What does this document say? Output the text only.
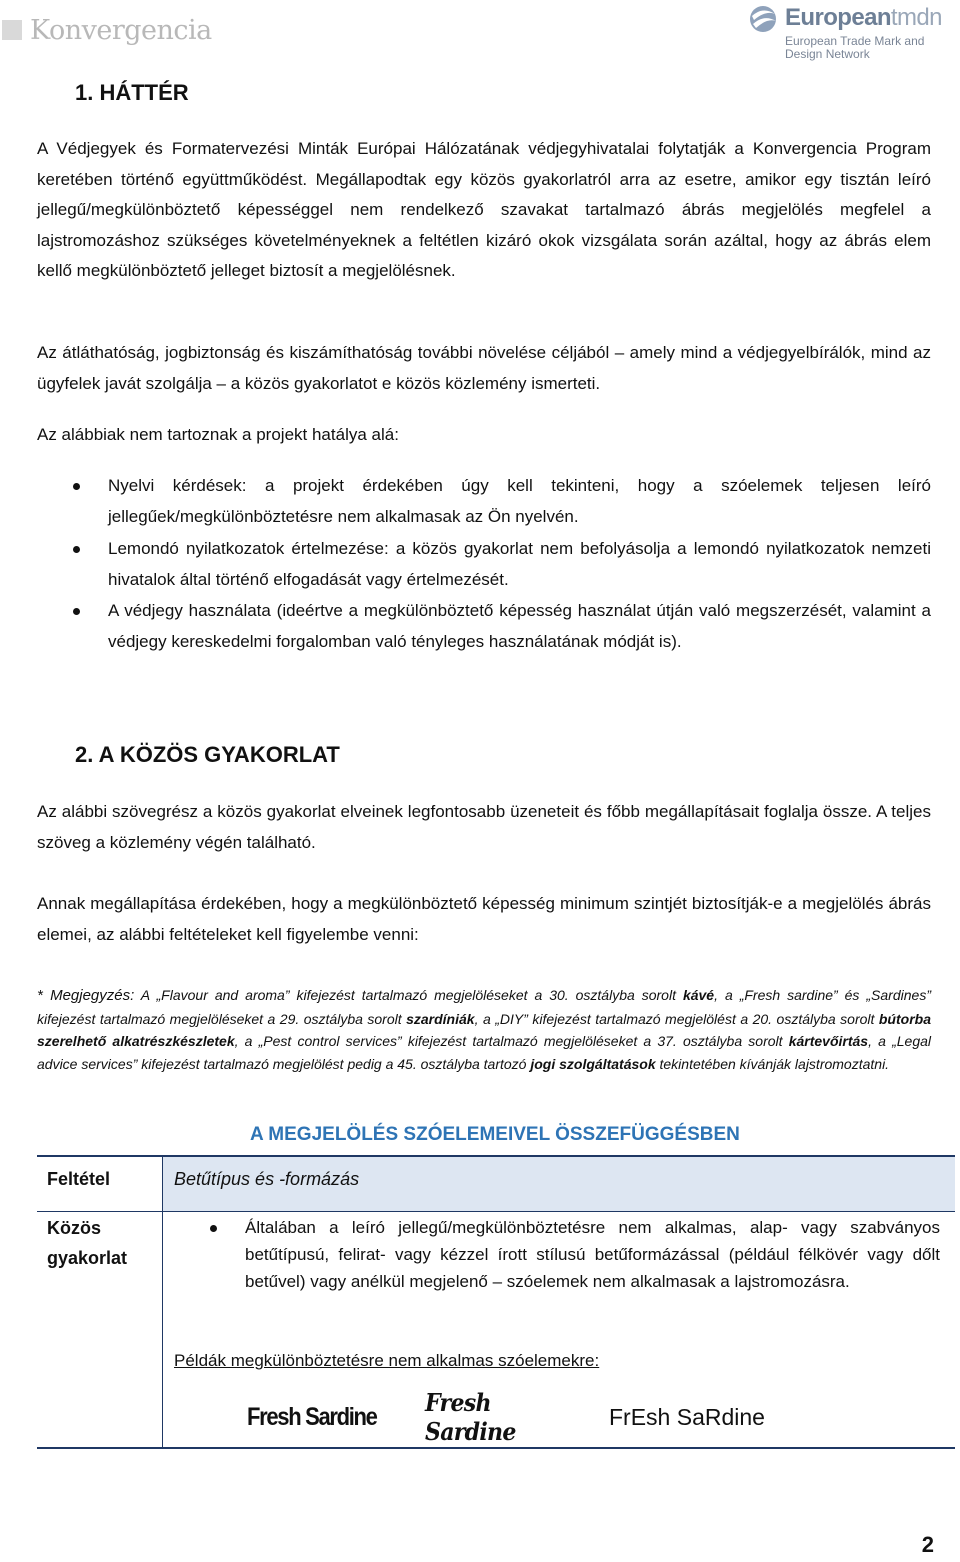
Konvergencia	Europeantmdn
European Trade Mark and
Design Network
1. HÁTTÉR

A Védjegyek és Formatervezési Minták Európai Hálózatának védjegyhivatalai folytatják a Konvergencia Program keretében történő együttműködést. Megállapodtak egy közös gyakorlatról arra az esetre, amikor egy tisztán leíró jellegű/megkülönböztető képességgel nem rendelkező szavakat tartalmazó ábrás megjelölés megfelel a lajstromozáshoz szükséges követelményeknek a feltétlen kizáró okok vizsgálata során azáltal, hogy az ábrás elem kellő megkülönböztető jelleget biztosít a megjelölésnek.

Az átláthatóság, jogbiztonság és kiszámíthatóság további növelése céljából – amely mind a védjegyelbírálók, mind az ügyfelek javát szolgálja – a közös gyakorlatot e közös közlemény ismerteti.

Az alábbiak nem tartoznak a projekt hatálya alá:

Nyelvi kérdések: a projekt érdekében úgy kell tekinteni, hogy a szóelemek teljesen leíró jellegűek/megkülönböztetésre nem alkalmasak az Ön nyelvén.
Lemondó nyilatkozatok értelmezése: a közös gyakorlat nem befolyásolja a lemondó nyilatkozatok nemzeti hivatalok által történő elfogadását vagy értelmezését.
A védjegy használata (ideértve a megkülönböztető képesség használat útján való megszerzését, valamint a védjegy kereskedelmi forgalomban való tényleges használatának módját is).
2. A KÖZÖS GYAKORLAT

Az alábbi szövegrész a közös gyakorlat elveinek legfontosabb üzeneteit és főbb megállapításait foglalja össze. A teljes szöveg a közlemény végén található.

Annak megállapítása érdekében, hogy a megkülönböztető képesség minimum szintjét biztosítják-e a megjelölés ábrás elemei, az alábbi feltételeket kell figyelembe venni:

* Megjegyzés: A „Flavour and aroma” kifejezést tartalmazó megjelöléseket a 30. osztályba sorolt kávé, a „Fresh sardine” és „Sardines” kifejezést tartalmazó megjelöléseket a 29. osztályba sorolt szardíniák, a „DIY” kifejezést tartalmazó megjelölést a 20. osztályba sorolt bútorba szerelhető alkatrészkészletek, a „Pest control services” kifejezést tartalmazó megjelöléseket a 37. osztályba sorolt kártevőirtás, a „Legal advice services” kifejezést tartalmazó megjelölést pedig a 45. osztályba tartozó jogi szolgáltatások tekintetében kívánják lajstromoztatni.
A MEGJELÖLÉS SZÓELEMEIVEL ÖSSZEFÜGGÉSBEN
Feltétel	Betűtípus és -formázás
Közös gyakorlat
Általában a leíró jellegű/megkülönböztetésre nem alkalmas, alap- vagy szabványos betűtípusú, felirat- vagy kézzel írott stílusú betűformázással (például félkövér vagy dőlt betűvel) vagy anélkül megjelenő – szóelemek nem alkalmasak a lajstromozásra.
Példák megkülönböztetésre nem alkalmas szóelemekre:
Fresh Sardine	Fresh Sardine
FrEsh SaRdine
2
